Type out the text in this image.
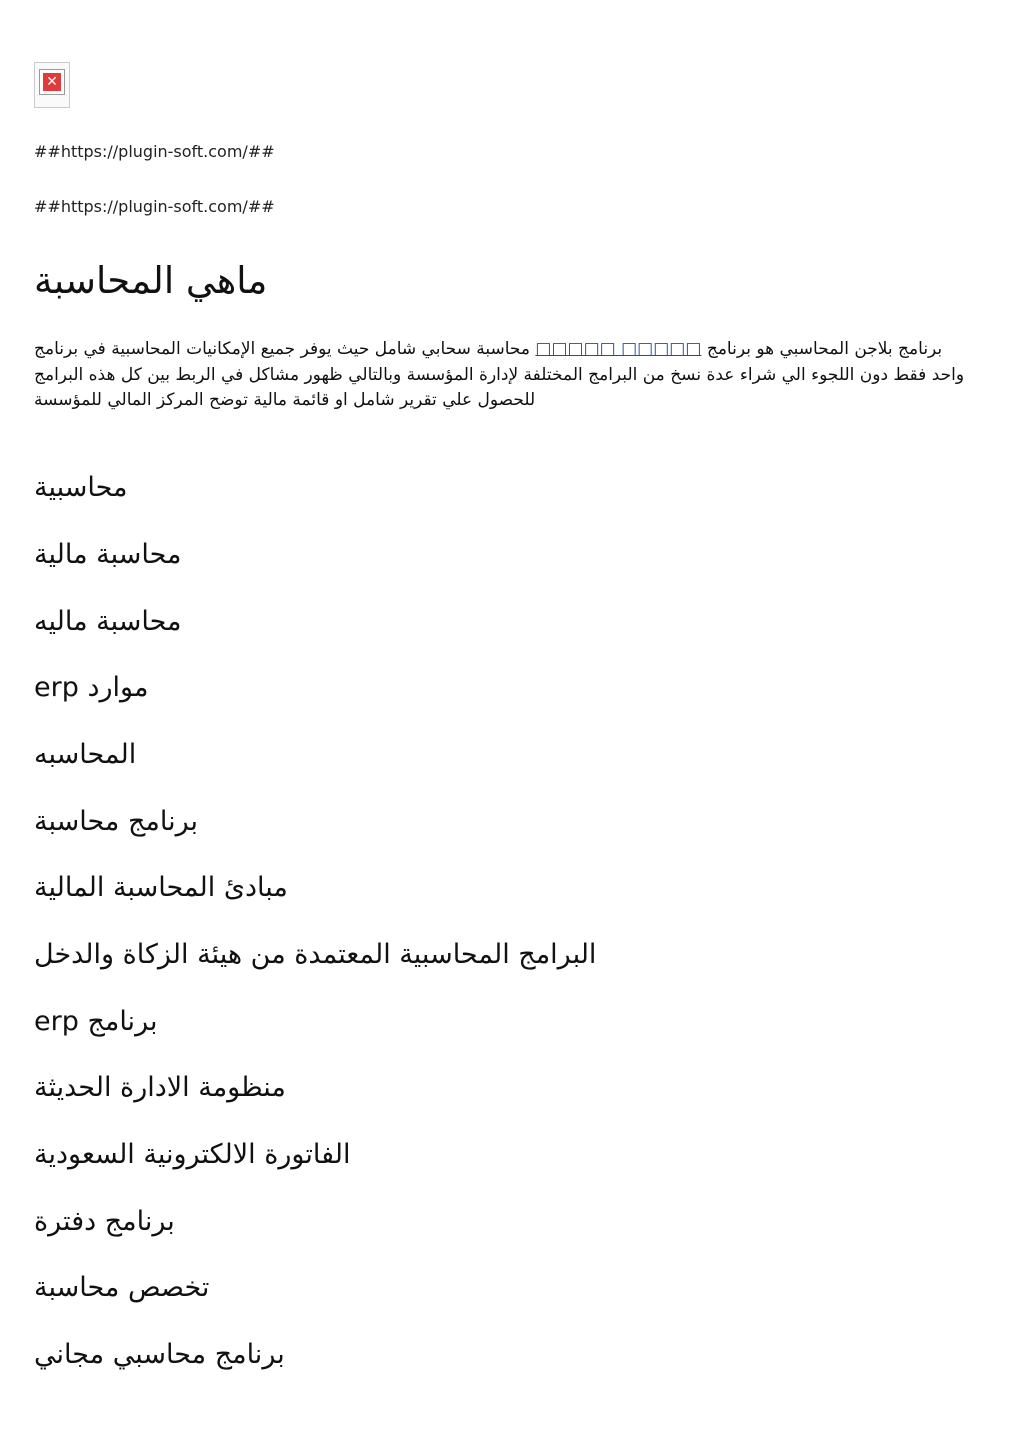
✕
##https://plugin-soft.com/##
##https://plugin-soft.com/##
ماهي المحاسبة

برنامج بلاجن المحاسبي هو برنامج □□□□□ □□□□□ محاسبة سحابي شامل حيث يوفر جميع الإمكانيات المحاسبية في برنامج واحد فقط دون اللجوء الي شراء عدة نسخ من البرامج المختلفة لإدارة المؤسسة وبالتالي ظهور مشاكل في الربط بين كل هذه البرامج للحصول علي تقرير شامل او قائمة مالية توضح المركز المالي للمؤسسة

محاسبية
محاسبة مالية
محاسبة ماليه
erp موارد
المحاسبه
برنامج محاسبة
مبادئ المحاسبة المالية
البرامج المحاسبية المعتمدة من هيئة الزكاة والدخل
برنامج erp
منظومة الادارة الحديثة
الفاتورة الالكترونية السعودية
برنامج دفترة
تخصص محاسبة
برنامج محاسبي مجاني
